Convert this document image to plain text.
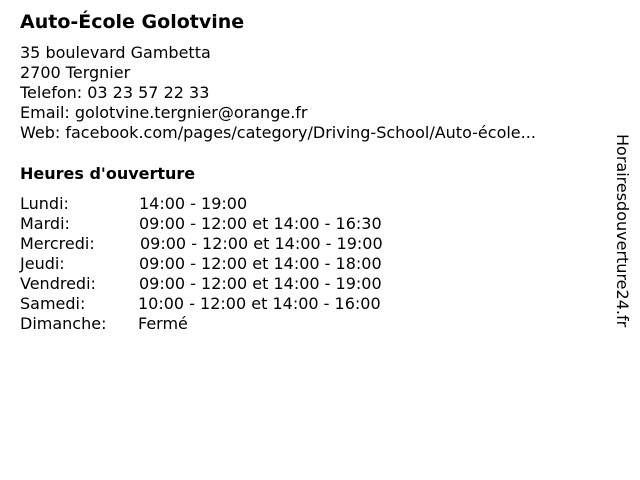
Auto-École Golotvine
35 boulevard Gambetta
2700 Tergnier
Telefon: 03 23 57 22 33
Email: golotvine.tergnier@orange.fr
Web: facebook.com/pages/category/Driving-School/Auto-école...
Heures d'ouverture
Lundi:	14:00 - 19:00
Mardi:	09:00 - 12:00 et 14:00 - 16:30
Mercredi:	09:00 - 12:00 et 14:00 - 19:00
Jeudi:	09:00 - 12:00 et 14:00 - 18:00
Vendredi:	09:00 - 12:00 et 14:00 - 19:00
Samedi:	10:00 - 12:00 et 14:00 - 16:00
Dimanche: Fermé	Horairesdouverture24.fr
